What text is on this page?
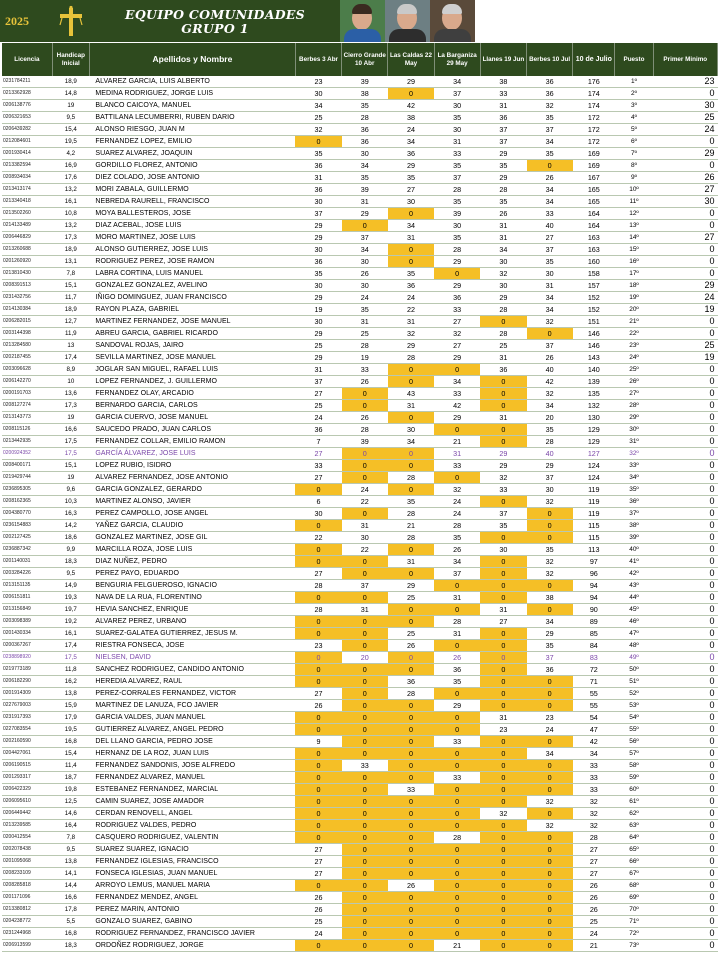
2025	EQUIPO COMUNIDADES
GRUPO 1
Licencia	Handicap Inicial	Apellidos y Nombre	Berbes 3 Abr	Cierro Grande 10 Abr	Las Caldas 22 May	La Barganiza 29 May	Llanes 19 Jun	Berbes 10 Jul	10 de Julio	Puesto	Primer Minimo
0231784211	18,9	ALVAREZ GARCIA, LUIS ALBERTO	23	39	29	34	38	36	176	1º	23
0213362928	14,8	MEDINA RODRIGUEZ, JORGE LUIS	30	38	0	37	33	36	174	2º	0
0206138776	19	BLANCO CAICOYA, MANUEL	34	35	42	30	31	32	174	3º	30
0206321653	9,5	BATTILANA LECUMBERRI, RUBEN DARIO	25	28	38	35	36	35	172	4º	25
0206439282	15,4	ALONSO RIESGO, JUAN M	32	36	24	30	37	37	172	5º	24
0212084601	19,5	FERNANDEZ LOPEZ, EMILIO	0	36	34	31	37	34	172	6º	0
0201930414	4,2	SUAREZ ALVAREZ, JOAQUIN	35	30	36	33	29	35	169	7º	29
0213382594	16,9	GORDILLO FLOREZ, ANTONIO	36	34	29	35	35	0	169	8º	0
0208934034	17,6	DIEZ COLADO, JOSE ANTONIO	31	35	35	37	29	26	167	9º	26
0213413174	13,2	MORI ZABALA, GUILLERMO	36	39	27	28	28	34	165	10º	27
0213340418	16,1	NEBREDA RAURELL, FRANCISCO	30	31	30	35	35	34	165	11º	30
0213502260	10,8	MOYA BALLESTEROS, JOSE	37	29	0	39	26	33	164	12º	0
0214133489	13,2	DIAZ ACEBAL, JOSE LUIS	29	0	34	30	31	40	164	13º	0
0206446829	17,3	MORO MARTINEZ, JOSE LUIS	29	37	31	35	31	27	163	14º	27
0213260688	18,9	ALONSO GUTIERREZ, JOSE LUIS	30	34	0	28	34	37	163	15º	0
0201260920	13,1	RODRIGUEZ PEREZ, JOSE RAMON	36	30	0	29	30	35	160	16º	0
0213810430	7,8	LABRA CORTINA, LUIS MANUEL	35	26	35	0	32	30	158	17º	0
0208391513	15,1	GONZALEZ GONZALEZ, AVELINO	30	30	36	29	30	31	157	18º	29
0231432756	11,7	IÑIGO DOMINGUEZ, JUAN FRANCISCO	29	24	24	36	29	34	152	19º	24
0214130384	18,9	RAYON PLAZA, GABRIEL	19	35	22	33	28	34	152	20º	19
0206282015	12,7	MARTINEZ FERNANDEZ, JOSE MANUEL	30	31	31	27	0	32	151	21º	0
0203144398	11,9	ABREU GARCIA, GABRIEL RICARDO	29	25	32	32	28	0	146	22º	0
0213284580	13	SANDOVAL ROJAS, JAIRO	25	28	29	27	25	37	146	23º	25
0202187455	17,4	SEVILLA MARTINEZ, JOSE MANUEL	29	19	28	29	31	26	143	24º	19
0203096628	8,9	JOGLAR SAN MIGUEL, RAFAEL LUIS	31	33	0	0	36	40	140	25º	0
0206142270	10	LOPEZ FERNANDEZ, J. GUILLERMO	37	26	0	34	0	42	139	26º	0
0200191703	13,6	FERNANDEZ OLAY, ARCADIO	27	0	43	33	0	32	135	27º	0
0208127274	17,3	BERNARDO GARCIA, CARLOS	25	0	31	42	0	34	132	28º	0
0213143773	19	GARCIA CUERVO, JOSE MANUEL	24	26	0	29	31	20	130	29º	0
0208115126	16,6	SAUCEDO PRADO, JUAN CARLOS	36	28	30	0	0	35	129	30º	0
0213442935	17,5	FERNANDEZ COLLAR, EMILIO RAMON	7	39	34	21	0	28	129	31º	0
0200924352	17,5	GARCÍA ÁLVAREZ, JOSE LUIS	27	0	0	31	29	40	127	32º	0
0208400171	15,1	LOPEZ RUBIO, ISIDRO	33	0	0	33	29	29	124	33º	0
0219429744	19	ALVAREZ FERNANDEZ, JOSE ANTONIO	27	0	28	0	32	37	124	34º	0
0236895305	9,6	GARCIA GONZALEZ, GERARDO	0	24	0	32	33	30	119	35º	0
0208162365	10,3	MARTINEZ ALONSO, JAVIER	6	22	35	24	0	32	119	36º	0
0204380770	16,3	PEREZ CAMPOLLO, JOSE ANGEL	30	0	28	24	37	0	119	37º	0
0236154883	14,2	YAÑEZ GARCIA, CLAUDIO	0	31	21	28	35	0	115	38º	0
0202127425	18,6	GONZALEZ MARTINEZ, JOSE GIL	22	30	28	35	0	0	115	39º	0
0236887342	9,9	MARCILLA ROZA, JOSE LUIS	0	22	0	26	30	35	113	40º	0
0201140031	18,3	DIAZ NUÑEZ, PEDRO	0	0	31	34	0	32	97	41º	0
0203284226	9,5	PEREZ PAYO, EDUARDO	27	0	0	37	0	32	96	42º	0
0213151135	14,9	BENGURIA FELGUEROSO, IGNACIO	28	37	29	0	0	0	94	43º	0
0206151811	19,3	NAVA DE LA RUA, FLORENTINO	0	0	25	31	0	38	94	44º	0
0213156849	19,7	HEVIA SANCHEZ, ENRIQUE	28	31	0	0	31	0	90	45º	0
0203098389	19,2	ALVAREZ PEREZ, URBANO	0	0	0	28	27	34	89	46º	0
0201430334	16,1	SUAREZ-GALATEA GUTIERREZ, JESUS M.	0	0	25	31	0	29	85	47º	0
0200367267	17,4	RIESTRA FONSECA, JOSE	23	0	26	0	0	35	84	48º	0
0238898920	17,5	NIELSEN, DAVID	0	20	0	26	0	37	83	49º	0
0219773189	11,8	SANCHEZ RODRIGUEZ, CANDIDO ANTONIO	0	0	0	36	0	36	72	50º	0
0206182290	16,2	HEREDIA ALVAREZ, RAUL	0	0	36	35	0	0	71	51º	0
0201914309	13,8	PEREZ-CORRALES FERNANDEZ, VICTOR	27	0	28	0	0	0	55	52º	0
0227679003	15,9	MARTINEZ DE LANUZA, FCO JAVIER	26	0	0	29	0	0	55	53º	0
0231917393	17,9	GARCIA VALDES, JUAN MANUEL	0	0	0	0	31	23	54	54º	0
0227083554	19,5	GUTIERREZ ALVAREZ, ANGEL PEDRO	0	0	0	0	23	24	47	55º	0
0202160590	16,8	DEL LLANO GARCIA, PEDRO JOSE	9	0	0	33	0	0	42	56º	0
0204427061	15,4	HERNANZ DE LA ROZ, JUAN LUIS	0	0	0	0	0	34	34	57º	0
0206190515	11,4	FERNANDEZ SANDONIS, JOSE ALFREDO	0	33	0	0	0	0	33	58º	0
0201293317	18,7	FERNANDEZ ALVAREZ, MANUEL	0	0	0	33	0	0	33	59º	0
0206422329	19,8	ESTEBANEZ FERNANDEZ, MARCIAL	0	0	33	0	0	0	33	60º	0
0206095610	12,5	CAMIN SUAREZ, JOSE AMADOR	0	0	0	0	0	32	32	61º	0
0206449442	14,6	CERDAN RENOVELL, ANGEL	0	0	0	0	32	0	32	62º	0
0213239585	16,4	RODRIGUEZ VALDES, PEDRO	0	0	0	0	0	32	32	63º	0
0200412554	7,8	CASQUERO RODRIGUEZ, VALENTIN	0	0	0	28	0	0	28	64º	0
0202078438	9,5	SUAREZ SUAREZ, IGNACIO	27	0	0	0	0	0	27	65º	0
0201095068	13,8	FERNANDEZ IGLESIAS, FRANCISCO	27	0	0	0	0	0	27	66º	0
0208233109	14,1	FONSECA IGLESIAS, JUAN MANUEL	27	0	0	0	0	0	27	67º	0
0208285818	14,4	ARROYO LEMUS, MANUEL MARIA	0	0	26	0	0	0	26	68º	0
0201171096	16,6	FERNANDEZ MENDEZ, ANGEL	26	0	0	0	0	0	26	69º	0
0213380812	17,8	PEREZ MARIN, ANTONIO	26	0	0	0	0	0	26	70º	0
0204238772	5,5	GONZALO SUAREZ, GABINO	25	0	0	0	0	0	25	71º	0
0231244968	16,8	RODRIGUEZ FERNANDEZ, FRANCISCO JAVIER	24	0	0	0	0	0	24	72º	0
0206913599	18,3	ORDOÑEZ RODRIGUEZ, JORGE	0	0	0	21	0	0	21	73º	0
